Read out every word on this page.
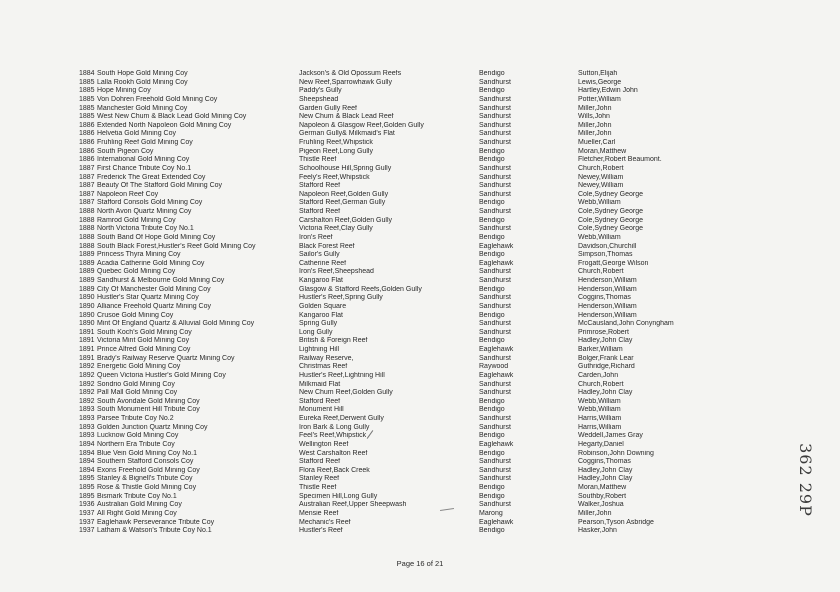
1884 South Hope Gold Mining Coy	Jackson's & Old Opossum Reefs	Bendigo	Sutton,Elijah
1885 Lalla Rookh Gold Mining Coy	New Reef,Sparrowhawk Gully	Sandhurst	Lewis,George
1885 Hope Mining Coy	Paddy's Gully	Bendigo	Hartley,Edwin John
1885 Von Dohren Freehold Gold Mining Coy	Sheepshead	Sandhurst	Potter,William
1885 Manchester Gold Mining Coy	Garden Gully Reef	Sandhurst	Miller,John
1885 West New Chum & Black Lead Gold Mining Coy	New Chum & Black Lead Reef	Sandhurst	Wills,John
1886 Extended North Napoleon Gold Mining Coy	Napoleon & Glasgow Reef,Golden Gully	Sandhurst	Miller,John
1886 Helvetia Gold Mining Coy	German Gully& Milkmaid's Flat	Sandhurst	Miller,John
1886 Fruhling Reef Gold Mining Coy	Fruhling Reef,Whipstick	Sandhurst	Mueller,Carl
1886 South Pigeon Coy	Pigeon Reef,Long Gully	Bendigo	Moran,Matthew
1886 International Gold Mining Coy	Thistle Reef	Bendigo	Fletcher,Robert Beaumont.
1887 First Chance Tribute Coy No.1	Schoolhouse Hill,Spring Gully	Sandhurst	Church,Robert
1887 Frederick The Great Extended Coy	Feely's Reef,Whipstick	Sandhurst	Newey,William
1887 Beauty Of The Stafford Gold Mining Coy	Stafford Reef	Sandhurst	Newey,William
1887 Napoleon Reef Coy	Napoleon Reef,Golden Gully	Sandhurst	Cole,Sydney George
1887 Stafford Consols Gold Mining Coy	Stafford Reef,German Gully	Bendigo	Webb,William
1888 North Avon Quartz Mining Coy	Stafford Reef	Sandhurst	Cole,Sydney George
1888 Ramrod Gold Mining Coy	Carshalton Reef,Golden Gully	Bendigo	Cole,Sydney George
1888 North Victoria Tribute Coy No.1	Victoria Reef,Clay Gully	Sandhurst	Cole,Sydney George
1888 South Band Of Hope Gold Mining Coy	Iron's Reef	Bendigo	Webb,William
1888 South Black Forest,Hustler's Reef Gold Mining Coy	Black Forest Reef	Eaglehawk	Davidson,Churchill
1889 Princess Thyra Mining Coy	Sailor's Gully	Bendigo	Simpson,Thomas
1889 Acadia Catherine Gold Mining Coy	Catherine Reef	Eaglehawk	Frogatt,George Wilson
1889 Quebec Gold Mining Coy	Iron's Reef,Sheepshead	Sandhurst	Church,Robert
1889 Sandhurst & Melbourne Gold Mining Coy	Kangaroo Flat	Sandhurst	Henderson,William
1889 City Of Manchester Gold Mining Coy	Glasgow & Stafford Reefs,Golden Gully	Bendigo	Henderson,William
1890 Hustler's Star Quartz Mining Coy	Hustler's Reef,Spring Gully	Sandhurst	Coggins,Thomas
1890 Alliance Freehold Quartz Mining Coy	Golden Square	Sandhurst	Henderson,William
1890 Crusoe Gold Mining Coy	Kangaroo Flat	Bendigo	Henderson,William
1890 Mint Of England Quartz & Alluvial Gold Mining Coy	Spring Gully	Sandhurst	McCausland,John Conyngham
1891 South Koch's Gold Mining Coy	Long Gully	Sandhurst	Primrose,Robert
1891 Victoria Mint Gold Mining Coy	British & Foreign Reef	Bendigo	Hadley,John Clay
1891 Prince Alfred Gold Mining Coy	Lightning Hill	Eaglehawk	Barker,William
1891 Brady's Railway Reserve Quartz Mining Coy	Railway Reserve,	Sandhurst	Bolger,Frank Lear
1892 Energetic Gold Mining Coy	Christmas Reef	Raywood	Guthridge,Richard
1892 Queen Victoria Hustler's Gold Mining Coy	Hustler's Reef,Lightning Hill	Eaglehawk	Carden,John
1892 Sondrio Gold Mining Coy	Milkmaid Flat	Sandhurst	Church,Robert
1892 Pall Mall Gold Mining Coy	New Chum Reef,Golden Gully	Sandhurst	Hadley,John Clay
1892 South Avondale Gold Mining Coy	Stafford Reef	Bendigo	Webb,William
1893 South Monument Hill Tribute Coy	Monument Hill	Bendigo	Webb,William
1893 Parsee Tribute Coy No.2	Eureka Reef,Derwent Gully	Sandhurst	Harris,William
1893 Golden Junction Quartz Mining Coy	Iron Bark & Long Gully	Sandhurst	Harris,William
1893 Lucknow Gold Mining Coy	Feel's Reef,Whipstick	Bendigo	Weddell,James Gray
1894 Northern Era Tribute Coy	Wellington Reef	Eaglehawk	Hegarty,Daniel
1894 Blue Vein Gold Mining Coy No.1	West Carshalton Reef	Bendigo	Robinson,John Downing
1894 Southern Stafford Consols Coy	Stafford Reef	Sandhurst	Coggins,Thomas
1894 Exons Freehold Gold Mining Coy	Flora Reef,Back Creek	Sandhurst	Hadley,John Clay
1895 Stanley & Bignell's Tribute Coy	Stanley Reef	Sandhurst	Hadley,John Clay
1895 Rose & Thistle Gold Mining Coy	Thistle Reef	Bendigo	Moran,Matthew
1895 Bismark Tribute Coy No.1	Specimen Hill,Long Gully	Bendigo	Southby,Robert
1936 Australian Gold Mining Coy	Australian Reef,Upper Sheepwash	Sandhurst	Walker,Joshua
1937 All Right Gold Mining Coy	Mensie Reef	Marong	Miller,John
1937 Eaglehawk Perseverance Tribute Coy	Mechanic's Reef	Eaglehawk	Pearson,Tyson Asbridge
1937 Latham & Watson's Tribute Coy No.1	Hustler's Reef	Bendigo	Hasker,John
362 29P
Page 16 of 21
